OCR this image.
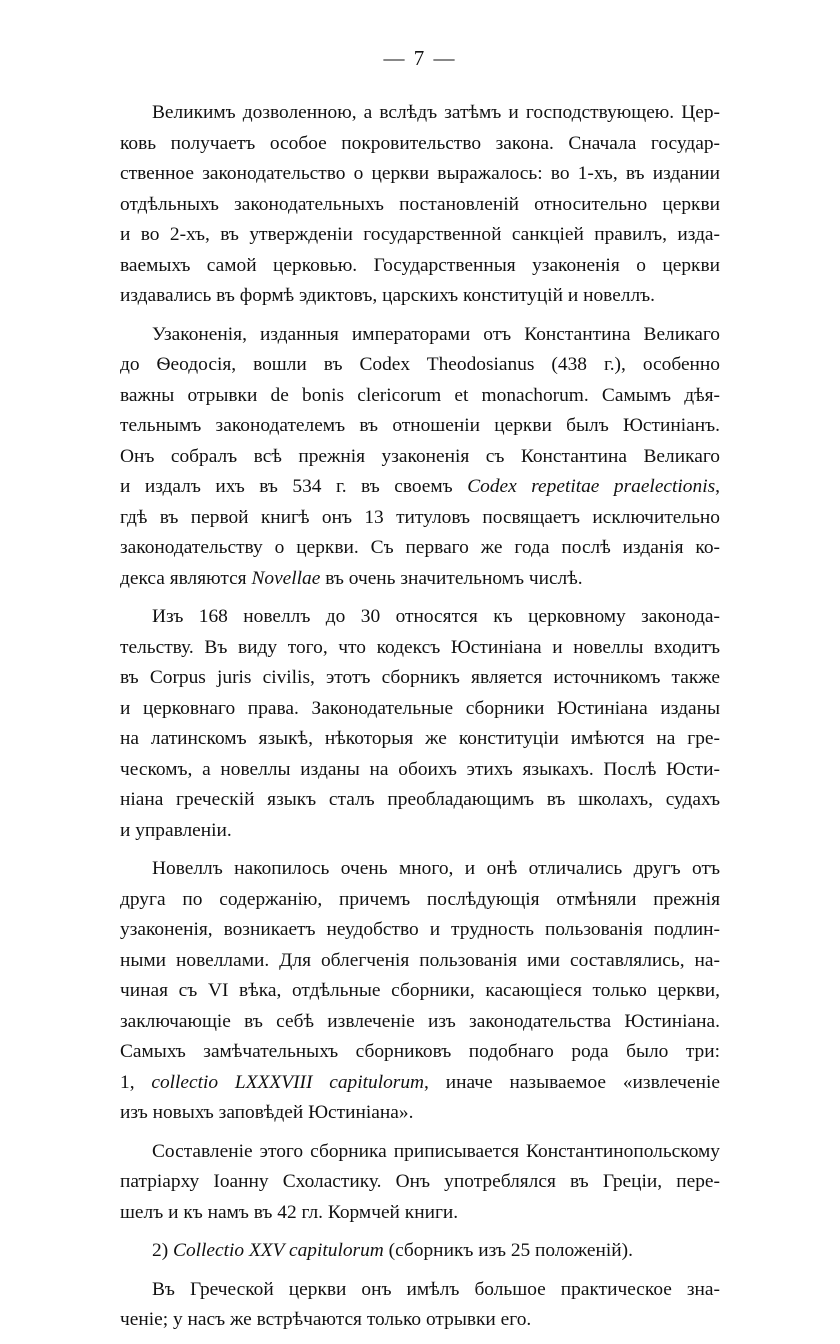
— 7 —
Великимъ дозволенною, а вслѣдъ затѣмъ и господствующею. Цер-
ковь получаетъ особое покровительство закона. Сначала государ-
ственное законодательство о церкви выражалось: во 1-хъ, въ издании
отдѣльныхъ законодательныхъ постановленій относительно церкви
и во 2-хъ, въ утвержденіи государственной санкціей правилъ, изда-
ваемыхъ самой церковью. Государственныя узаконенія о церкви
издавались въ формѣ эдиктовъ, царскихъ конституцій и новеллъ.
Узаконенія, изданныя императорами отъ Константина Великаго
до Ѳеодосія, вошли въ Codex Theodosianus (438 г.), особенно
важны отрывки de bonis clericorum et monachorum. Самымъ дѣя-
тельнымъ законодателемъ въ отношеніи церкви былъ Юстиніанъ.
Онъ собралъ всѣ прежнія узаконенія съ Константина Великаго
и издалъ ихъ въ 534 г. въ своемъ Codex repetitae praelectionis,
гдѣ въ первой книгѣ онъ 13 титуловъ посвящаетъ исключительно
законодательству о церкви. Съ перваго же года послѣ изданія ко-
декса являются Novellae въ очень значительномъ числѣ.
Изъ 168 новеллъ до 30 относятся къ церковному законода-
тельству. Въ виду того, что кодексъ Юстиніана и новеллы входитъ
въ Corpus juris civilis, этотъ сборникъ является источникомъ также
и церковнаго права. Законодательные сборники Юстиніана изданы
на латинскомъ языкѣ, нѣкоторыя же конституціи имѣются на гре-
ческомъ, а новеллы изданы на обоихъ этихъ языкахъ. Послѣ Юсти-
ніана греческій языкъ сталъ преобладающимъ въ школахъ, судахъ
и управленіи.
Новеллъ накопилось очень много, и онѣ отличались другъ отъ
друга по содержанію, причемъ послѣдующія отмѣняли прежнія
узаконенія, возникаетъ неудобство и трудность пользованія подлин-
ными новеллами. Для облегченія пользованія ими составлялись, на-
чиная съ VI вѣка, отдѣльные сборники, касающіеся только церкви,
заключающіе въ себѣ извлеченіе изъ законодательства Юстиніана.
Самыхъ замѣчательныхъ сборниковъ подобнаго рода было три:
1, collectio LXXXVIII capitulorum, иначе называемое «извлеченіе
изъ новыхъ заповѣдей Юстиніана».
Составленіе этого сборника приписывается Константинопольскому
патріарху Іоанну Схоластику. Онъ употреблялся въ Греціи, пере-
шелъ и къ намъ въ 42 гл. Кормчей книги.
2) Collectio XXV capitulorum (сборникъ изъ 25 положеній).
Въ Греческой церкви онъ имѣлъ большое практическое зна-
ченіе; у насъ же встрѣчаются только отрывки его.
